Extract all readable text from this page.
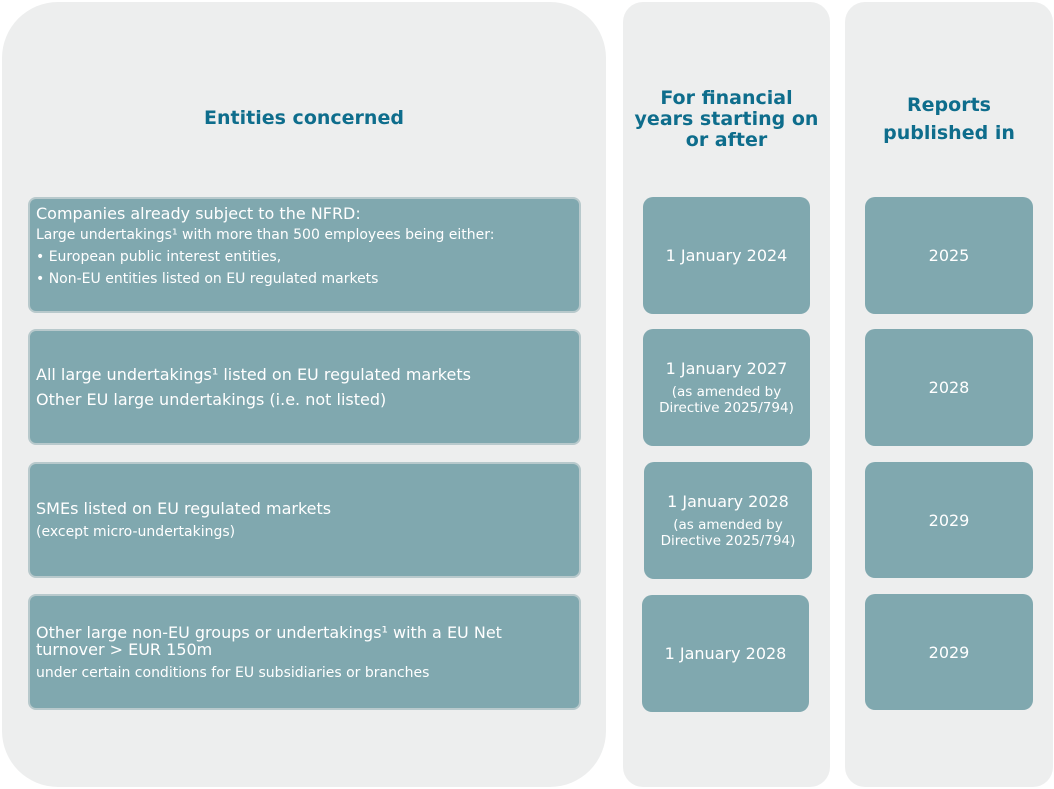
Entities concerned
For financial
years starting on
or after
Reports
published in
Companies already subject to the NFRD:
Large undertakings¹ with more than 500 employees being either:
• European public interest entities,
• Non-EU entities listed on EU regulated markets
1 January 2024	2025
All large undertakings¹ listed on EU regulated markets
Other EU large undertakings (i.e. not listed)
1 January 2027
(as amended by
Directive 2025/794)
2028
SMEs listed on EU regulated markets
(except micro-undertakings)
1 January 2028
(as amended by
Directive 2025/794)
2029
Other large non-EU groups or undertakings¹ with a EU Net
turnover > EUR 150m
under certain conditions for EU subsidiaries or branches
1 January 2028	2029
